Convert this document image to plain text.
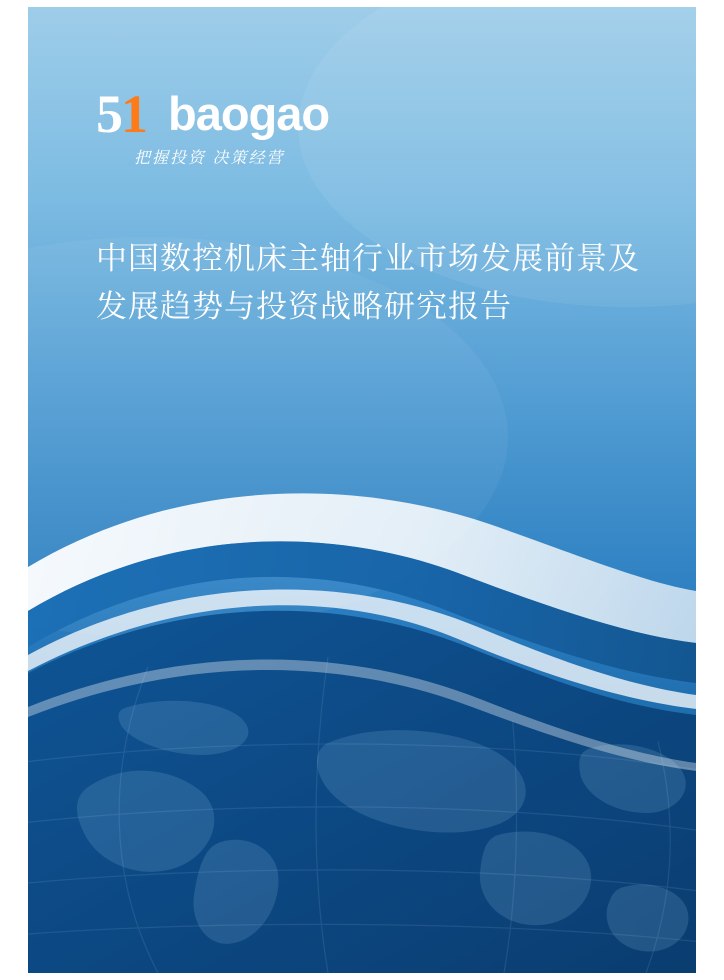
51 baogao
把握投资 决策经营
中国数控机床主轴行业市场发展前景及发展趋势与投资战略研究报告
